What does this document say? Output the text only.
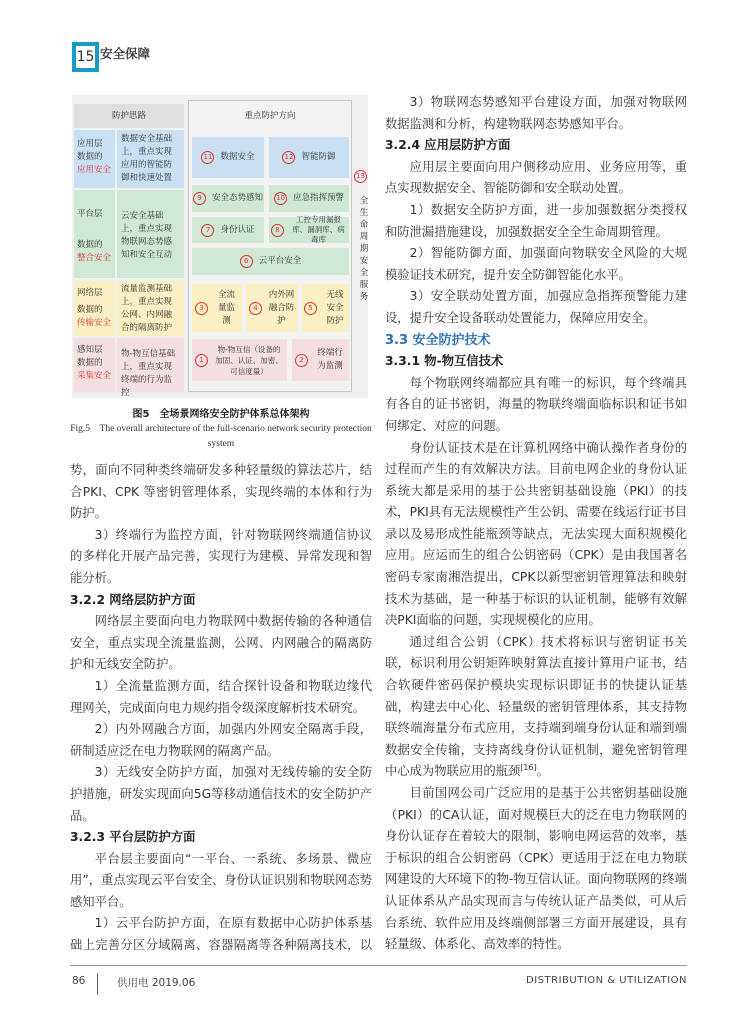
15 安全保障
防护思路
应用层
数据的
应用安全
数据安全基础上，重点实现应用的智能防御和快速处置
平台层
数据的
整合安全
云安全基础上，重点实现物联网态势感知和安全互动
网络层
数据的
传输安全
流量监测基础上，重点实现公网、内网融合的隔离防护
感知层
数据的
采集安全
物-物互信基础上，重点实现终端的行为监控
重点防护方向
11 数据安全	12 智能防御
9	安全态势感知 10 应急指挥预警
7	身份认证	8
工控专用漏报库、漏洞库、病毒库
6	云平台安全
3
全流量监测
4
内外网融合防护
5
无线安全防护
1
物-物互信（设备的加固、认证、加密、可信度量）
2
终端行为监测
13
全生命周期安全服务
图5　全场景网络安全防护体系总体架构
Fig.5　The overall architecture of the full-scenario network security protection system

势，面向不同种类终端研发多种轻量级的算法芯片，结合PKI、CPK 等密钥管理体系，实现终端的本体和行为防护。

3）终端行为监控方面，针对物联网终端通信协议的多样化开展产品完善，实现行为建模、异常发现和智能分析。

3.2.2 网络层防护方面

网络层主要面向电力物联网中数据传输的各种通信安全，重点实现全流量监测，公网、内网融合的隔离防护和无线安全防护。

1）全流量监测方面，结合探针设备和物联边缘代理网关，完成面向电力规约指令级深度解析技术研究。

2）内外网融合方面，加强内外网安全隔离手段，研制适应泛在电力物联网的隔离产品。

3）无线安全防护方面，加强对无线传输的安全防护措施，研发实现面向5G等移动通信技术的安全防护产品。

3.2.3 平台层防护方面

平台层主要面向“一平台、一系统、多场景、微应用”，重点实现云平台安全、身份认证识别和物联网态势感知平台。

1）云平台防护方面，在原有数据中心防护体系基础上完善分区分域隔离、容器隔离等各种隔离技术，以

3）物联网态势感知平台建设方面，加强对物联网数据监测和分析，构建物联网态势感知平台。

3.2.4 应用层防护方面

应用层主要面向用户侧移动应用、业务应用等，重点实现数据安全、智能防御和安全联动处置。

1）数据安全防护方面，进一步加强数据分类授权和防泄漏措施建设，加强数据安全全生命周期管理。

2）智能防御方面，加强面向物联安全风险的大规模验证技术研究，提升安全防御智能化水平。

3）安全联动处置方面，加强应急指挥预警能力建设，提升安全设备联动处置能力，保障应用安全。

3.3 安全防护技术

3.3.1 物-物互信技术

每个物联网终端都应具有唯一的标识，每个终端具有各自的证书密钥，海量的物联终端面临标识和证书如何绑定、对应的问题。

身份认证技术是在计算机网络中确认操作者身份的过程而产生的有效解决方法。目前电网企业的身份认证系统大都是采用的基于公共密钥基础设施（PKI）的技术，PKI具有无法规模性产生公钥、需要在线运行证书目录以及易形成性能瓶颈等缺点，无法实现大面积规模化应用。应运而生的组合公钥密码（CPK）是由我国著名密码专家南湘浩提出，CPK以新型密钥管理算法和映射技术为基础，是一种基于标识的认证机制，能够有效解决PKI面临的问题，实现规模化的应用。

通过组合公钥（CPK）技术将标识与密钥证书关联，标识利用公钥矩阵映射算法直接计算用户证书，结合软硬件密码保护模块实现标识即证书的快捷认证基础，构建去中心化、轻量级的密钥管理体系，其支持物联终端海量分布式应用，支持端到端身份认证和端到端数据安全传输，支持离线身份认证机制，避免密钥管理中心成为物联应用的瓶颈[16]。

目前国网公司广泛应用的是基于公共密钥基础设施（PKI）的CA认证，面对规模巨大的泛在电力物联网的身份认证存在着较大的限制，影响电网运营的效率，基于标识的组合公钥密码（CPK）更适用于泛在电力物联网建设的大环境下的物-物互信认证。面向物联网的终端认证体系从产品实现而言与传统认证产品类似，可从后台系统、软件应用及终端侧部署三方面开展建设，具有轻量级、体系化、高效率的特性。

86	供用电 2019.06	DISTRIBUTION & UTILIZATION
